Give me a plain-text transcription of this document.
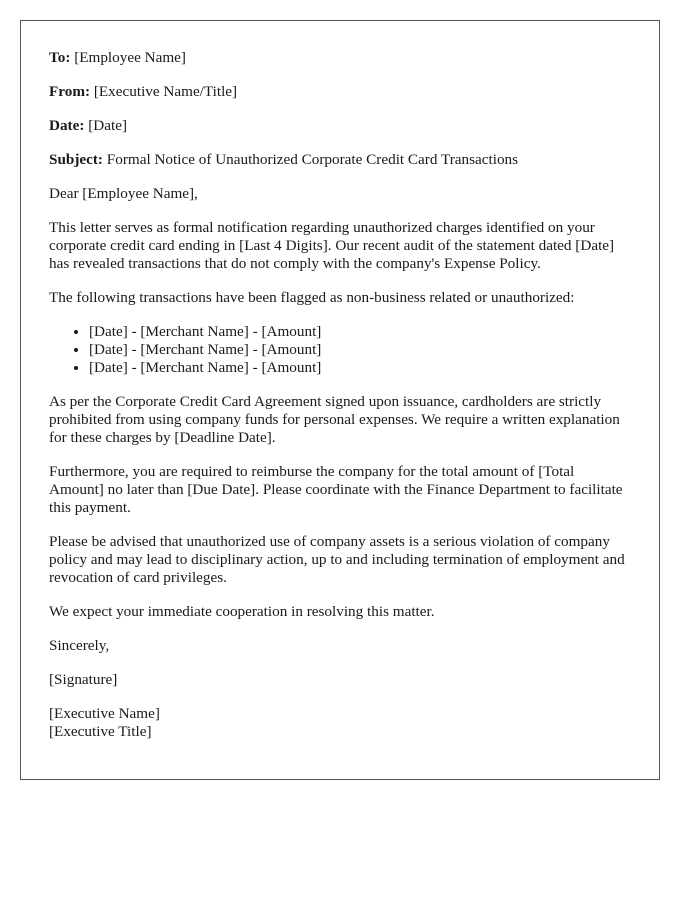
To: [Employee Name]

From: [Executive Name/Title]

Date: [Date]

Subject: Formal Notice of Unauthorized Corporate Credit Card Transactions

Dear [Employee Name],

This letter serves as formal notification regarding unauthorized charges identified on your corporate credit card ending in [Last 4 Digits]. Our recent audit of the statement dated [Date] has revealed transactions that do not comply with the company's Expense Policy.

The following transactions have been flagged as non-business related or unauthorized:

• [Date] - [Merchant Name] - [Amount]
• [Date] - [Merchant Name] - [Amount]
• [Date] - [Merchant Name] - [Amount]

As per the Corporate Credit Card Agreement signed upon issuance, cardholders are strictly prohibited from using company funds for personal expenses. We require a written explanation for these charges by [Deadline Date].

Furthermore, you are required to reimburse the company for the total amount of [Total Amount] no later than [Due Date]. Please coordinate with the Finance Department to facilitate this payment.

Please be advised that unauthorized use of company assets is a serious violation of company policy and may lead to disciplinary action, up to and including termination of employment and revocation of card privileges.

We expect your immediate cooperation in resolving this matter.

Sincerely,

[Signature]

[Executive Name]
[Executive Title]
